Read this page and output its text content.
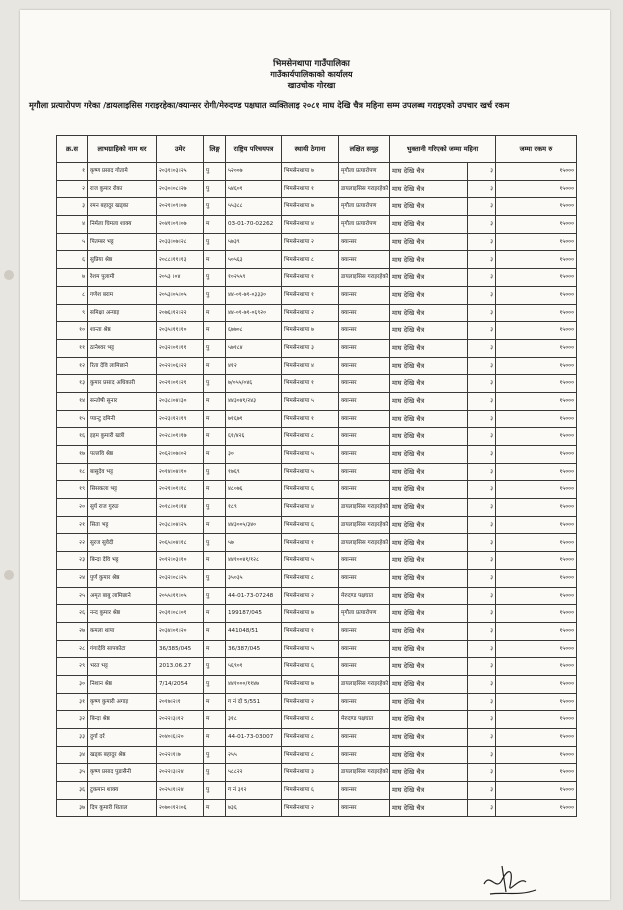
भिमसेनथापा गाउँपालिका
गाउँकार्यपालिकाको कार्यालय
खाउचोक गोरखा
मृगौला प्रत्यारोपण गरेका /डायलाइसिस गराइरहेका/क्यान्सर रोगी/मेरुदण्ड पक्षघात व्यक्तिलाइ २०८१ माघ देखि चैत्र महिना सम्म उपलब्ध गराइएको उपचार खर्च रकम
क्र.स	लाभग्राहिको नाम थर	उमेर	लिङ्ग	राष्ट्रिय परिचयपत्र	स्थायी ठेगाना	लक्षित समूह	भुक्तानी गरिएको जम्मा महिना		जम्मा रकम रु
१	कृष्ण प्रसाद गोतामे	२०३१।०३।२५	पु	५२००७	भिमसेनथापा ७	मृगौला प्रत्यारोपण	माघ देखि चैत्र	३	१५०००
२	राज कुमार रोका	२०३०।०८।२७	पु	५४६०१	भिमसेनथापा १	डायलाइसिस गराइरहेको	माघ देखि चैत्र	३	१५०००
३	रमन बहादुर खड्का	२०२१।०९।०७	पु	५५३८८	भिमसेनथापा ७	मृगौला प्रत्यारोपण	माघ देखि चैत्र	३	१५०००
४	निर्मला घिमला शाक्य	२०४१।०९।०७	म	03-01-70-02262	भिमसेनथापा ४	मृगौला प्रत्यारोपण	माघ देखि चैत्र	३	१५०००
५	पितम्बर भट्ट	२०३३।०७।२८	पु	५७३९	भिमसेनथापा २	क्यान्सर	माघ देखि चैत्र	३	१५०००
६	सुप्रिया श्रेष्ठ	२०८८।११।१३	म	५०५६३	भिमसेनथापा ८	क्यान्सर	माघ देखि चैत्र	३	१५०००
७	रेशम पुलामी	२०५३ ।०४	पु	१०२५५९	भिमसेनथापा १	डायलाइसिस गराइरहेको	माघ देखि चैत्र	३	१५०००
८	गणेश बराम	२०५३।०५।०५	पु	४४-०१-७१-०३३३०	भिमसेनथापा १	क्यान्सर	माघ देखि चैत्र	३	१५०००
९	समिक्षा अन्याइ	२०७६।१२।२२	म	४४-०१-७१-०६९२०	भिमसेनथापा २	क्यान्सर	माघ देखि चैत्र	३	१५०००
१०	शान्ता श्रेष्ठ	२०३५।११।१०	म	६७७०८	भिमसेनथापा ७	क्यान्सर	माघ देखि चैत्र	३	१५०००
११	ठानेश्वर भट्ट	२०३२।०१।११	पु	५७१८४	भिमसेनथापा ३	क्यान्सर	माघ देखि चैत्र	३	१५०००
१२	रिता देवि लामिछाने	२०२२।०६।२२	म	४१२	भिमसेनथापा ४	क्यान्सर	माघ देखि चैत्र	३	१५०००
१३	कुमार प्रसाद अधिकारी	२०२१।०१।२१	पु	७/०५५/०४६	भिमसेनथापा १	क्यान्सर	माघ देखि चैत्र	३	१५०००
१४	सन्तोषी सुनार	२०३८।०४।३०	म	४४३०४१/२४३	भिमसेनथापा ५	क्यान्सर	माघ देखि चैत्र	३	१५०००
१५	प्यान्टु दमिनी	२०२३।१२।१९	म	७१६७१	भिमसेनथापा १	क्यान्सर	माघ देखि चैत्र	३	१५०००
१६	इइम कुमारी खत्री	२०२८।०१।१७	म	६१/४२६	भिमसेनथापा ८	क्यान्सर	माघ देखि चैत्र	३	१५०००
१७	पल्लवि श्रेष्ठ	२०६२।०७।०२	म	३०	भिमसेनथापा ५	क्यान्सर	माघ देखि चैत्र	३	१५०००
१८	बासुदेव भट्ट	२०१४।०४।१०	पु	१७६९	भिमसेनथापा ५	क्यान्सर	माघ देखि चैत्र	३	१५०००
१९	सिसकला भट्ट	२०२१।०१।१८	म	४८०७६	भिमसेनथापा ६	क्यान्सर	माघ देखि चैत्र	३	१५०००
२०	सुर्य राज गुरुङ	२०१८।०१।१४	पु	१८९	भिमसेनथापा ४	डायलाइसिस गराइरहेको	माघ देखि चैत्र	३	१५०००
२१	सिता भट्ट	२०३८।०४।२५	म	४४३००५/३४०	भिमसेनथापा ६	डायलाइसिस गराइरहेको	माघ देखि चैत्र	३	१५०००
२२	सुरज सुवेदी	२०६५।०४।१८	पु	५७	भिमसेनथापा १	डायलाइसिस गराइरहेको	माघ देखि चैत्र	३	१५०००
२३	बिन्दा देवि भट्ट	२०१२।०३।१०	म	४४१००४१/१२८	भिमसेनथापा ५	क्यान्सर	माघ देखि चैत्र	३	१५०००
२४	पुर्ण कुमार श्रेष्ठ	२०३२।०८।२५	पु	३५०३५	भिमसेनथापा ८	क्यान्सर	माघ देखि चैत्र	३	१५०००
२५	अमृत बाबु लामिछाने	२०५५।११।०५	पु	44-01-73-07248	भिमसेनथापा २	मेरुदण्ड पक्षघात	माघ देखि चैत्र	३	१५०००
२६	नन्द कुमार श्रेष्ठ	२०३१।०८।०१	म	199187/045	भिमसेनथापा ७	मृगौला प्रत्यारोपण	माघ देखि चैत्र	३	१५०००
२७	कमला थापा	२०३४।०१।२०	म	441048/51	भिमसेनथापा १	क्यान्सर	माघ देखि चैत्र	३	१५०००
२८	गंगादेवि सापकोटा	36/385/045	म	36/387/045	भिमसेनथापा ५	क्यान्सर	माघ देखि चैत्र	३	१५०००
२९	भरत भट्ट	2013.06.27	पु	५६९०१	भिमसेनथापा ६	क्यान्सर	माघ देखि चैत्र	३	१५०००
३०	निशान श्रेष्ठ	7/14/2054	पु	४४१०००/११४७	भिमसेनथापा ७	डायलाइसिस गराइरहेको	माघ देखि चैत्र	३	१५०००
३१	कृष्ण कुमारी अगाइ	२०१७।२।१	म	ग नं दो 5/551	भिमसेनथापा २	क्यान्सर	माघ देखि चैत्र	३	१५०००
३२	बिन्दा श्रेष्ठ	२०२२।३।१२	म	३१८	भिमसेनथापा ८	मेरुदण्ड पक्षघात	माघ देखि चैत्र	३	१५०००
३३	दुर्गा दर्र	२०४०।६।२०	म	44-01-73-03007	भिमसेनथापा ८	क्यान्सर	माघ देखि चैत्र	३	१५०००
३४	खड्क बहादुर श्रेष्ठ	२०२२।१।७	पु	२५५	भिमसेनथापा ८	क्यान्सर	माघ देखि चैत्र	३	१५०००
३५	कृष्ण प्रसाद पुडासैनी	२०२२।३।२४	पु	५८८२२	भिमसेनथापा ३	डायलाइसिस गराइरहेको	माघ देखि चैत्र	३	१५०००
३६	टुकमान शाक्य	२०२५।१।२४	पु	ग नं ३१२	भिमसेनथापा ६	क्यान्सर	माघ देखि चैत्र	३	१५०००
३७	दिप कुमारी थिताल	२०७०।१२।०६	म	७३६	भिमसेनथापा २	क्यान्सर	माघ देखि चैत्र	३	१५०००
